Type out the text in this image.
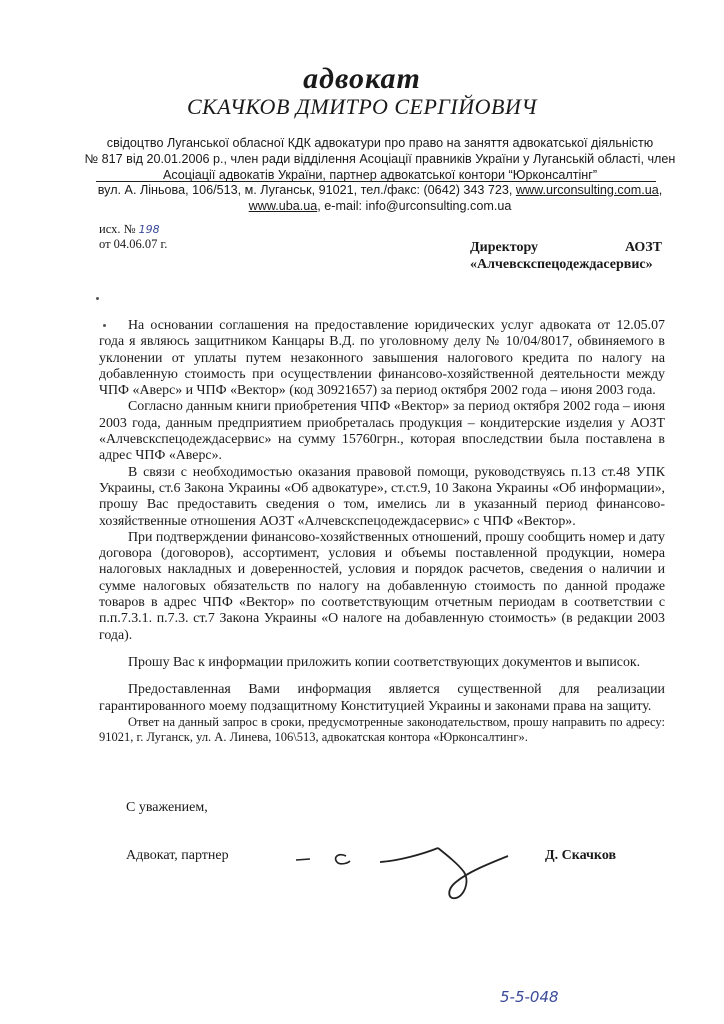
адвокат
СКАЧКОВ ДМИТРО СЕРГІЙОВИЧ
свідоцтво Луганської обласної КДК адвокатури про право на заняття адвокатської діяльністю
№ 817 від 20.01.2006 р., член ради відділення Асоціації правників України у Луганській області, член
Асоціації адвокатів України, партнер адвокатської контори “Юрконсалтінг”
вул. А. Ліньова, 106/513, м. Луганськ, 91021, тел./факс: (0642) 343 723, www.urconsulting.com.ua,
www.uba.ua, e-mail: info@urconsulting.com.ua
исх. № 198
от 04.06.07 г.	Директору	АОЗТ
«Алчевскспецодеждасервис»

На основании соглашения на предоставление юридических услуг адвоката от 12.05.07 года я являюсь защитником Канцары В.Д. по уголовному делу № 10/04/8017, обвиняемого в уклонении от уплаты путем незаконного завышения налогового кредита по налогу на добавленную стоимость при осуществлении финансово-хозяйственной деятельности между ЧПФ «Аверс» и ЧПФ «Вектор» (код 30921657) за период октября 2002 года – июня 2003 года.

Согласно данным книги приобретения ЧПФ «Вектор» за период октября 2002 года – июня 2003 года, данным предприятием приобреталась продукция – кондитерские изделия у АОЗТ «Алчевскспецодеждасервис» на сумму 15760грн., которая впоследствии была поставлена в адрес ЧПФ «Аверс».

В связи с необходимостью оказания правовой помощи, руководствуясь п.13 ст.48 УПК Украины, ст.6 Закона Украины «Об адвокатуре», ст.ст.9, 10 Закона Украины «Об информации», прошу Вас предоставить сведения о том, имелись ли в указанный период финансово-хозяйственные отношения АОЗТ «Алчевскспецодеждасервис» с ЧПФ «Вектор».

При подтверждении финансово-хозяйственных отношений, прошу сообщить номер и дату договора (договоров), ассортимент, условия и объемы поставленной продукции, номера налоговых накладных и доверенностей, условия и порядок расчетов, сведения о наличии и сумме налоговых обязательств по налогу на добавленную стоимость по данной продаже товаров в адрес ЧПФ «Вектор» по соответствующим отчетным периодам в соответствии с п.п.7.3.1. п.7.3. ст.7 Закона Украины «О налоге на добавленную стоимость» (в редакции 2003 года).

Прошу Вас к информации приложить копии соответствующих документов и выписок.

Предоставленная Вами информация является существенной для реализации гарантированного моему подзащитному Конституцией Украины и законами права на защиту.

Ответ на данный запрос в сроки, предусмотренные законодательством, прошу направить по адресу: 91021, г. Луганск, ул. А. Линева, 106\513, адвокатская контора «Юрконсалтинг».

С уважением,
Адвокат, партнер	Д. Скачков
5-5-048
